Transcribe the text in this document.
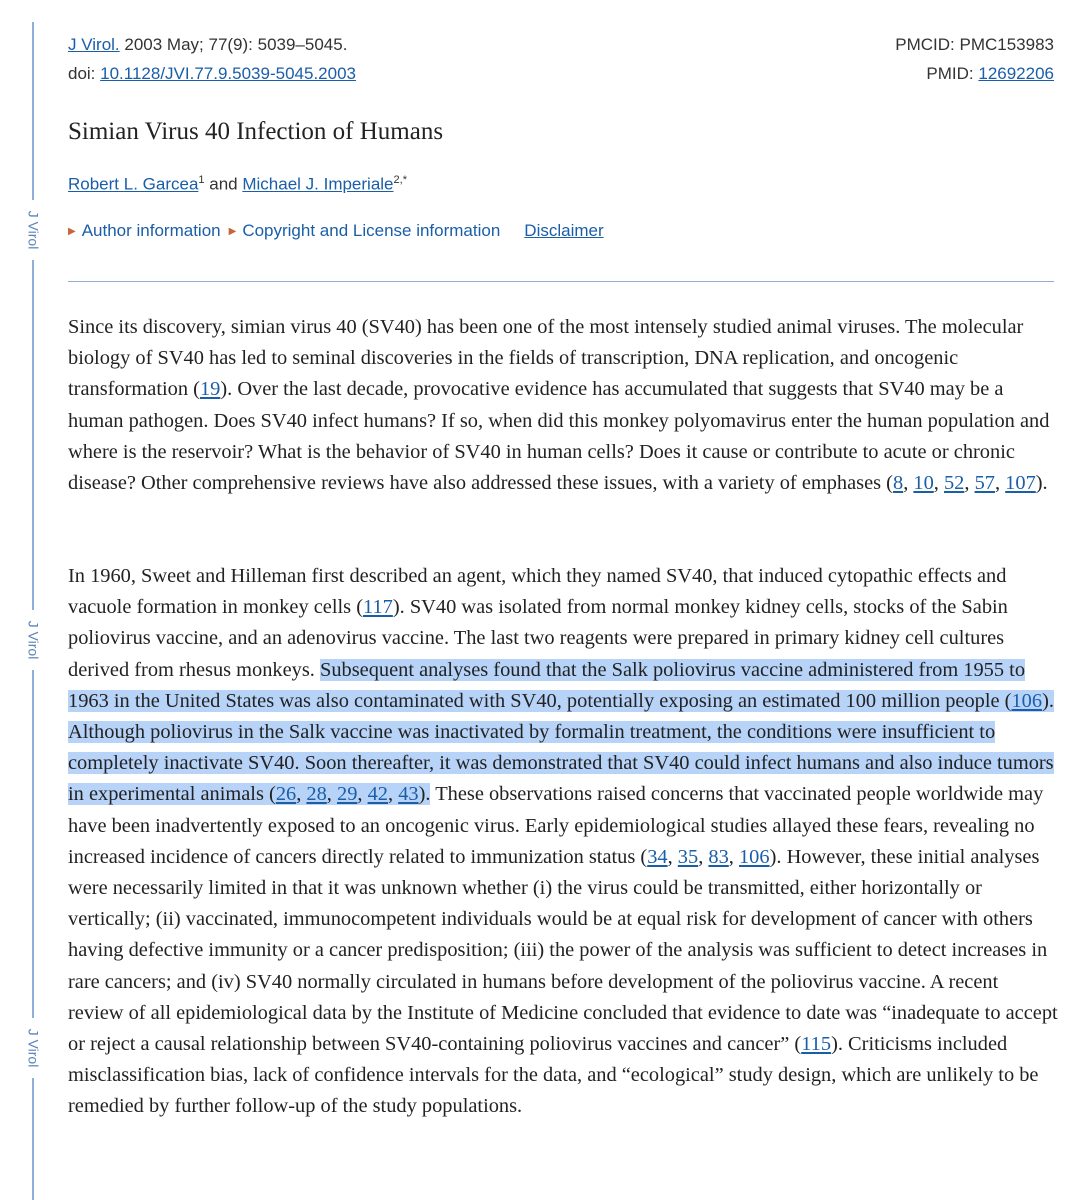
J Virol
J Virol
J Virol
J Virol. 2003 May; 77(9): 5039–5045.	PMCID: PMC153983
doi: 10.1128/JVI.77.9.5039-5045.2003	PMID: 12692206
Simian Virus 40 Infection of Humans
Robert L. Garcea$^1$ and Michael J. Imperiale$^{2,*}$
▶ Author information ▶ Copyright and License information Disclaimer

Since its discovery, simian virus 40 (SV40) has been one of the most intensely studied animal viruses. The molecular biology of SV40 has led to seminal discoveries in the fields of transcription, DNA replication, and oncogenic transformation (19). Over the last decade, provocative evidence has accumulated that suggests that SV40 may be a human pathogen. Does SV40 infect humans? If so, when did this monkey polyomavirus enter the human population and where is the reservoir? What is the behavior of SV40 in human cells? Does it cause or contribute to acute or chronic disease? Other comprehensive reviews have also addressed these issues, with a variety of emphases (8, 10, 52, 57, 107).

In 1960, Sweet and Hilleman first described an agent, which they named SV40, that induced cytopathic effects and vacuole formation in monkey cells (117). SV40 was isolated from normal monkey kidney cells, stocks of the Sabin poliovirus vaccine, and an adenovirus vaccine. The last two reagents were prepared in primary kidney cell cultures derived from rhesus monkeys. Subsequent analyses found that the Salk poliovirus vaccine administered from 1955 to 1963 in the United States was also contaminated with SV40, potentially exposing an estimated 100 million people (106). Although poliovirus in the Salk vaccine was inactivated by formalin treatment, the conditions were insufficient to completely inactivate SV40. Soon thereafter, it was demonstrated that SV40 could infect humans and also induce tumors in experimental animals (26, 28, 29, 42, 43). These observations raised concerns that vaccinated people worldwide may have been inadvertently exposed to an oncogenic virus. Early epidemiological studies allayed these fears, revealing no increased incidence of cancers directly related to immunization status (34, 35, 83, 106). However, these initial analyses were necessarily limited in that it was unknown whether (i) the virus could be transmitted, either horizontally or vertically; (ii) vaccinated, immunocompetent individuals would be at equal risk for development of cancer with others having defective immunity or a cancer predisposition; (iii) the power of the analysis was sufficient to detect increases in rare cancers; and (iv) SV40 normally circulated in humans before development of the poliovirus vaccine. A recent review of all epidemiological data by the Institute of Medicine concluded that evidence to date was “inadequate to accept or reject a causal relationship between SV40-containing poliovirus vaccines and cancer” (115). Criticisms included misclassification bias, lack of confidence intervals for the data, and “ecological” study design, which are unlikely to be remedied by further follow-up of the study populations.
